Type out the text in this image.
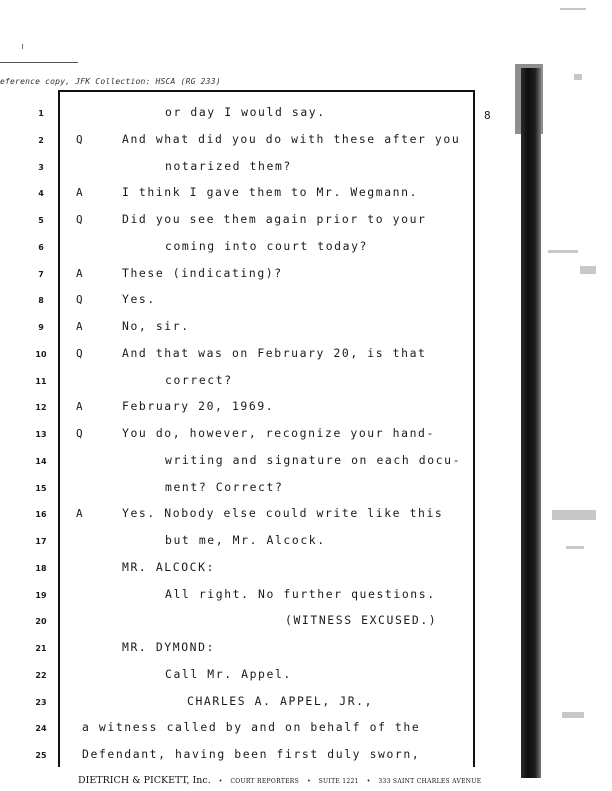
eference copy, JFK Collection: HSCA (RG 233)
8
1	or day I would say.
2	Q	And what did you do with these after you
3	notarized them?
4	A	I think I gave them to Mr. Wegmann.
5	Q	Did you see them again prior to your
6	coming into court today?
7	A	These (indicating)?
8	Q	Yes.
9	A	No, sir.
10	Q	And that was on February 20, is that
11	correct?
12	A	February 20, 1969.
13	Q	You do, however, recognize your hand-
14	writing and signature on each docu-
15	ment? Correct?
16	A	Yes. Nobody else could write like this
17	but me, Mr. Alcock.
18	MR. ALCOCK:
19	All right. No further questions.
20	(WITNESS EXCUSED.)
21	MR. DYMOND:
22	Call Mr. Appel.
23	CHARLES A. APPEL, JR.,
24	a witness called by and on behalf of the
25	Defendant, having been first duly sworn,
DIETRICH & PICKETT, Inc. • COURT REPORTERS • SUITE 1221 • 333 SAINT CHARLES AVENUE
